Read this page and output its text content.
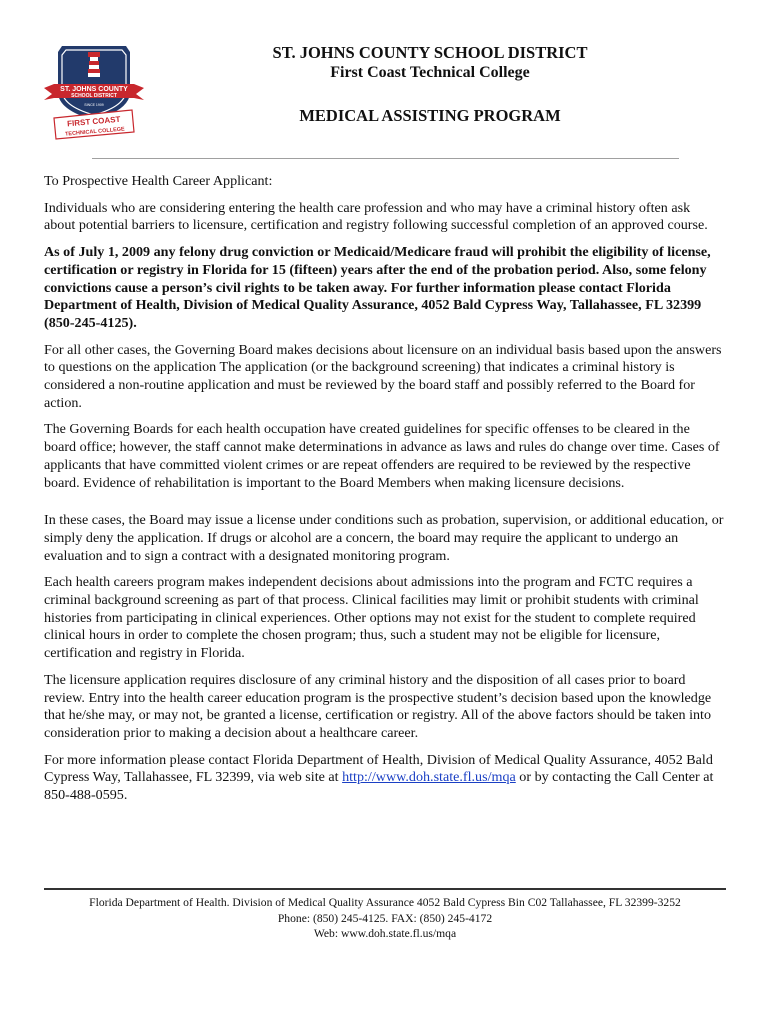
ST. JOHNS COUNTY
SCHOOL DISTRICT
SINCE 1909
FIRST COAST
TECHNICAL COLLEGE
ST. JOHNS COUNTY SCHOOL DISTRICT
First Coast Technical College
MEDICAL ASSISTING PROGRAM

To Prospective Health Career Applicant:

Individuals who are considering entering the health care profession and who may have a criminal history often ask about potential barriers to licensure, certification and registry following successful completion of an approved course.

As of July 1, 2009 any felony drug conviction or Medicaid/Medicare fraud will prohibit the eligibility of license, certification or registry in Florida for 15 (fifteen) years after the end of the probation period. Also, some felony convictions cause a person’s civil rights to be taken away. For further information please contact Florida Department of Health, Division of Medical Quality Assurance, 4052 Bald Cypress Way, Tallahassee, FL 32399 (850-245-4125).

For all other cases, the Governing Board makes decisions about licensure on an individual basis based upon the answers to questions on the application The application (or the background screening) that indicates a criminal history is considered a non-routine application and must be reviewed by the board staff and possibly referred to the Board for action.

The Governing Boards for each health occupation have created guidelines for specific offenses to be cleared in the board office; however, the staff cannot make determinations in advance as laws and rules do change over time. Cases of applicants that have committed violent crimes or are repeat offenders are required to be reviewed by the respective board. Evidence of rehabilitation is important to the Board Members when making licensure decisions.

In these cases, the Board may issue a license under conditions such as probation, supervision, or additional education, or simply deny the application. If drugs or alcohol are a concern, the board may require the applicant to undergo an evaluation and to sign a contract with a designated monitoring program.

Each health careers program makes independent decisions about admissions into the program and FCTC requires a criminal background screening as part of that process. Clinical facilities may limit or prohibit students with criminal histories from participating in clinical experiences. Other options may not exist for the student to complete required clinical hours in order to complete the chosen program; thus, such a student may not be eligible for licensure, certification and registry in Florida.

The licensure application requires disclosure of any criminal history and the disposition of all cases prior to board review. Entry into the health career education program is the prospective student’s decision based upon the knowledge that he/she may, or may not, be granted a license, certification or registry. All of the above factors should be taken into consideration prior to making a decision about a healthcare career.

For more information please contact Florida Department of Health, Division of Medical Quality Assurance, 4052 Bald Cypress Way, Tallahassee, FL 32399, via web site at http://www.doh.state.fl.us/mqa or by contacting the Call Center at 850-488-0595.

Florida Department of Health. Division of Medical Quality Assurance 4052 Bald Cypress Bin C02 Tallahassee, FL 32399-3252
Phone: (850) 245-4125. FAX: (850) 245-4172
Web: www.doh.state.fl.us/mqa
